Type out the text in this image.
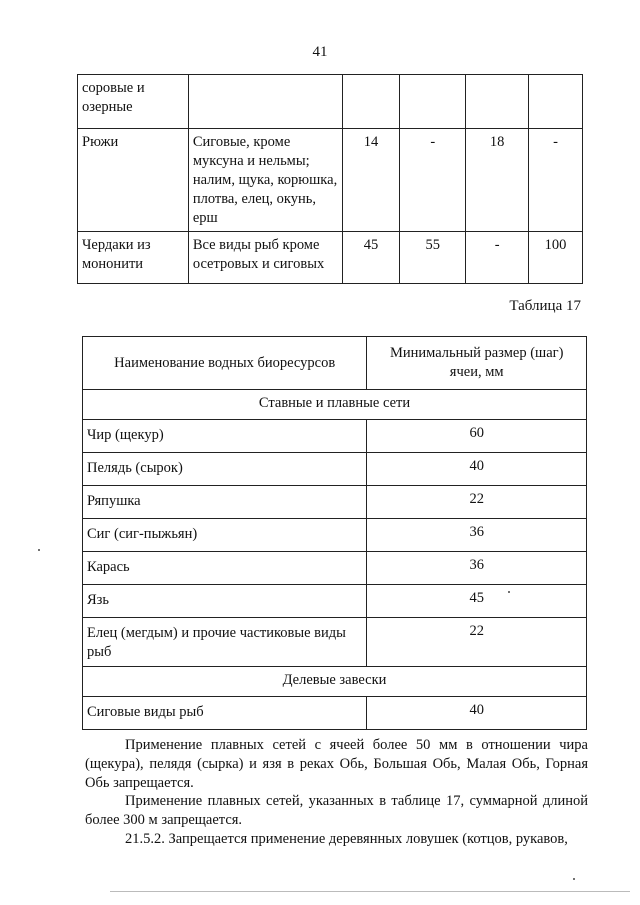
41
соровые и озерные					
Рюжи	Сиговые, кроме муксуна и нельмы; налим, щука, корюшка, плотва, елец, окунь, ерш	14	-	18	-
Чердаки из мононити	Все виды рыб кроме осетровых и сиговых	45	55	-	100
Таблица 17
Наименование водных биоресурсов	Минимальный размер (шаг) ячеи, мм
Ставные и плавные сети	
Чир (щекур)	60
Пелядь (сырок)	40
Ряпушка	22
Сиг (сиг-пыжьян)	36
Карась	36
Язь	45
Елец (мегдым) и прочие частиковые виды рыб	22
Делевые завески	
Сиговые виды рыб	40

Применение плавных сетей с ячеей более 50 мм в отношении чира (щекура), пелядя (сырка) и язя в реках Обь, Большая Обь, Малая Обь, Горная Обь запрещается.

Применение плавных сетей, указанных в таблице 17, суммарной длиной более 300 м запрещается.

21.5.2. Запрещается применение деревянных ловушек (котцов, рукавов,
